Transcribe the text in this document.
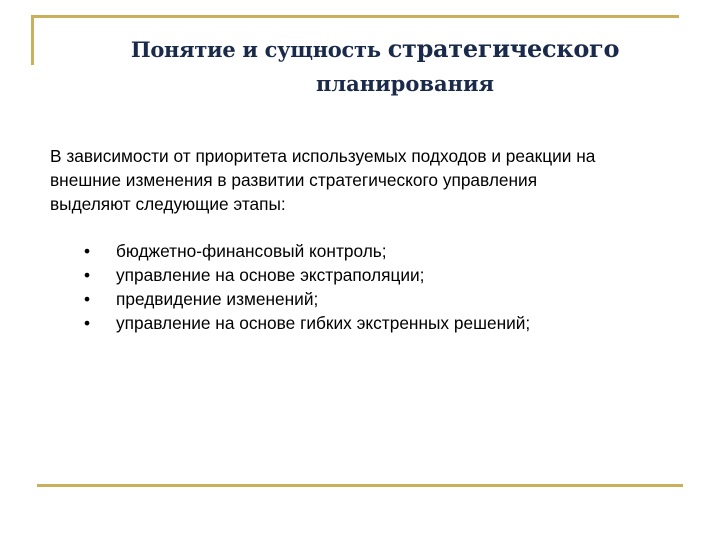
Понятие и сущность стратегического
планирования
В зависимости от приоритета используемых подходов и реакции на
внешние изменения в развитии стратегического управления
выделяют следующие этапы:
• бюджетно-финансовый контроль;
• управление на основе экстраполяции;
• предвидение изменений;
• управление на основе гибких экстренных решений;
